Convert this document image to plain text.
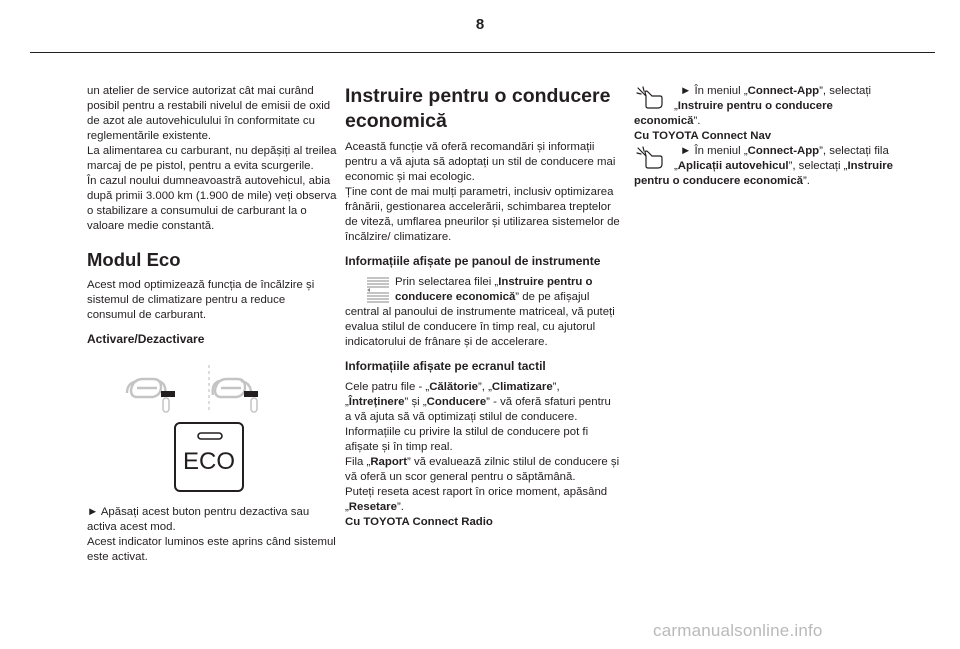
8

un atelier de service autorizat cât mai curând posibil pentru a restabili nivelul de emisii de oxid de azot ale autovehiculului în conformitate cu reglementările existente.

La alimentarea cu carburant, nu depășiți al treilea marcaj de pe pistol, pentru a evita scurgerile.

În cazul noului dumneavoastră autovehicul, abia după primii 3.000 km (1.900 de mile) veți observa o stabilizare a consumului de carburant la o valoare medie constantă.

Modul Eco

Acest mod optimizează funcția de încălzire și sistemul de climatizare pentru a reduce consumul de carburant.

Activare/Dezactivare
ECO

► Apăsați acest buton pentru dezactiva sau activa acest mod.

Acest indicator luminos este aprins când sistemul este activat.

Instruire pentru o conducere economică

Această funcție vă oferă recomandări și informații pentru a vă ajuta să adoptați un stil de conducere mai economic și mai ecologic.

Ține cont de mai mulți parametri, inclusiv optimizarea frânării, gestionarea accelerării, schimbarea treptelor de viteză, umflarea pneurilor și utilizarea sistemelor de încălzire/ climatizare.

Informațiile afișate pe panoul de instrumente

Prin selectarea filei „Instruire pentru o conducere economică” de pe afișajul central al panoului de instrumente matriceal, vă puteți evalua stilul de conducere în timp real, cu ajutorul indicatorului de frânare și de accelerare.

Informațiile afișate pe ecranul tactil

Cele patru file - „Călătorie”, „Climatizare”, „Întreținere” și „Conducere” - vă oferă sfaturi pentru a vă ajuta să vă optimizați stilul de conducere.

Informațiile cu privire la stilul de conducere pot fi afișate și în timp real.

Fila „Raport” vă evaluează zilnic stilul de conducere și vă oferă un scor general pentru o săptămână.

Puteți reseta acest raport în orice moment, apăsând „Resetare”.

Cu TOYOTA Connect Radio

► În meniul „Connect-App”, selectați „Instruire pentru o conducere economică”.

Cu TOYOTA Connect Nav

► În meniul „Connect-App”, selectați fila „Aplicații autovehicul”, selectați „Instruire pentru o conducere economică”.

carmanualsonline.info
